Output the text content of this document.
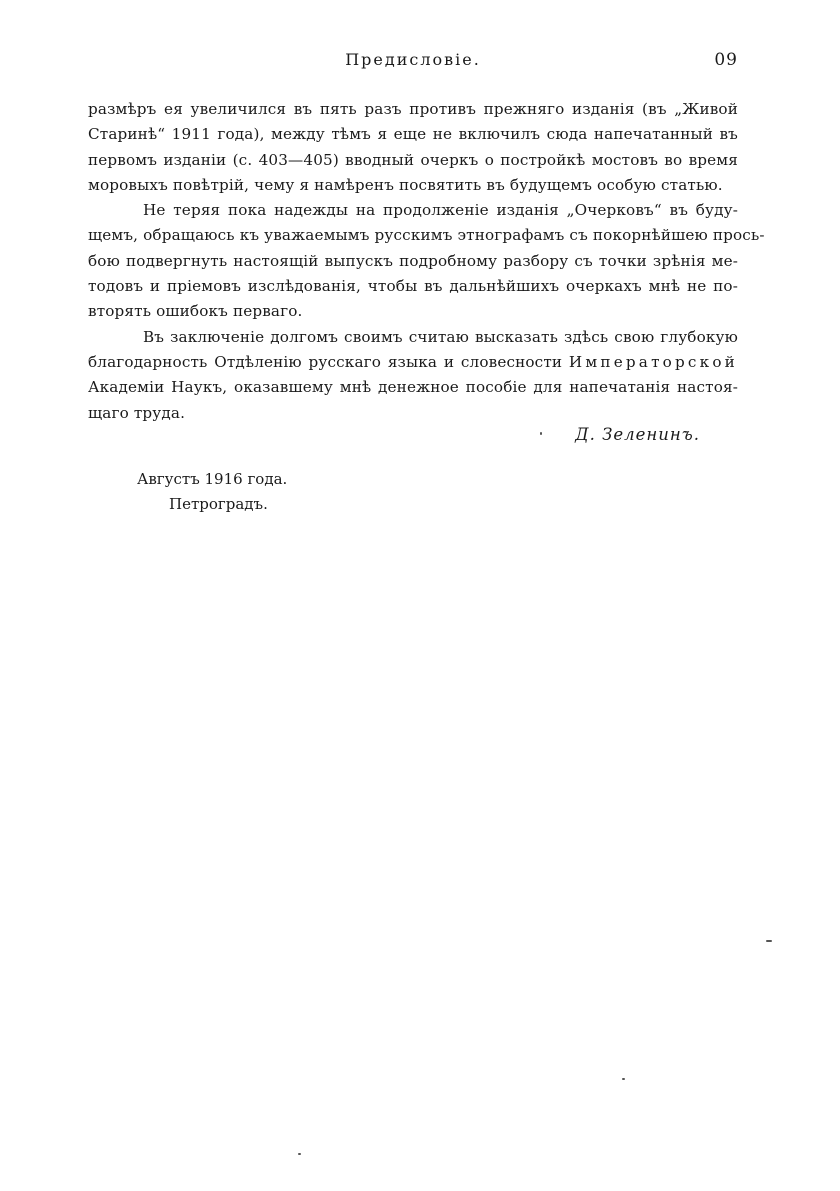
Предисловіе.	09
размѣръ ея увеличился въ пять разъ противъ прежняго изданія (въ „Живой
Старинѣ“ 1911 года), между тѣмъ я еще не включилъ сюда напечатанный въ
первомъ изданіи (с. 403—405) вводный очеркъ о постройкѣ мостовъ во время
моровыхъ повѣтрій, чему я намѣренъ посвятить въ будущемъ особую статью.
Не теряя пока надежды на продолженіе изданія „Очерковъ“ въ буду-
щемъ, обращаюсь къ уважаемымъ русскимъ этнографамъ съ покорнѣйшею прось-
бою подвергнуть настоящій выпускъ подробному разбору съ точки зрѣнія ме-
тодовъ и пріемовъ изслѣдованія, чтобы въ дальнѣйшихъ очеркахъ мнѣ не по-
вторять ошибокъ перваго.
Въ заключеніе долгомъ своимъ считаю высказать здѣсь свою глубокую
благодарность Отдѣленію русскаго языка и словесности Императорской
Академіи Наукъ, оказавшему мнѣ денежное пособіе для напечатанія настоя-
щаго труда.
Д. Зеленинъ.
Августъ 1916 года.
Петроградъ.
